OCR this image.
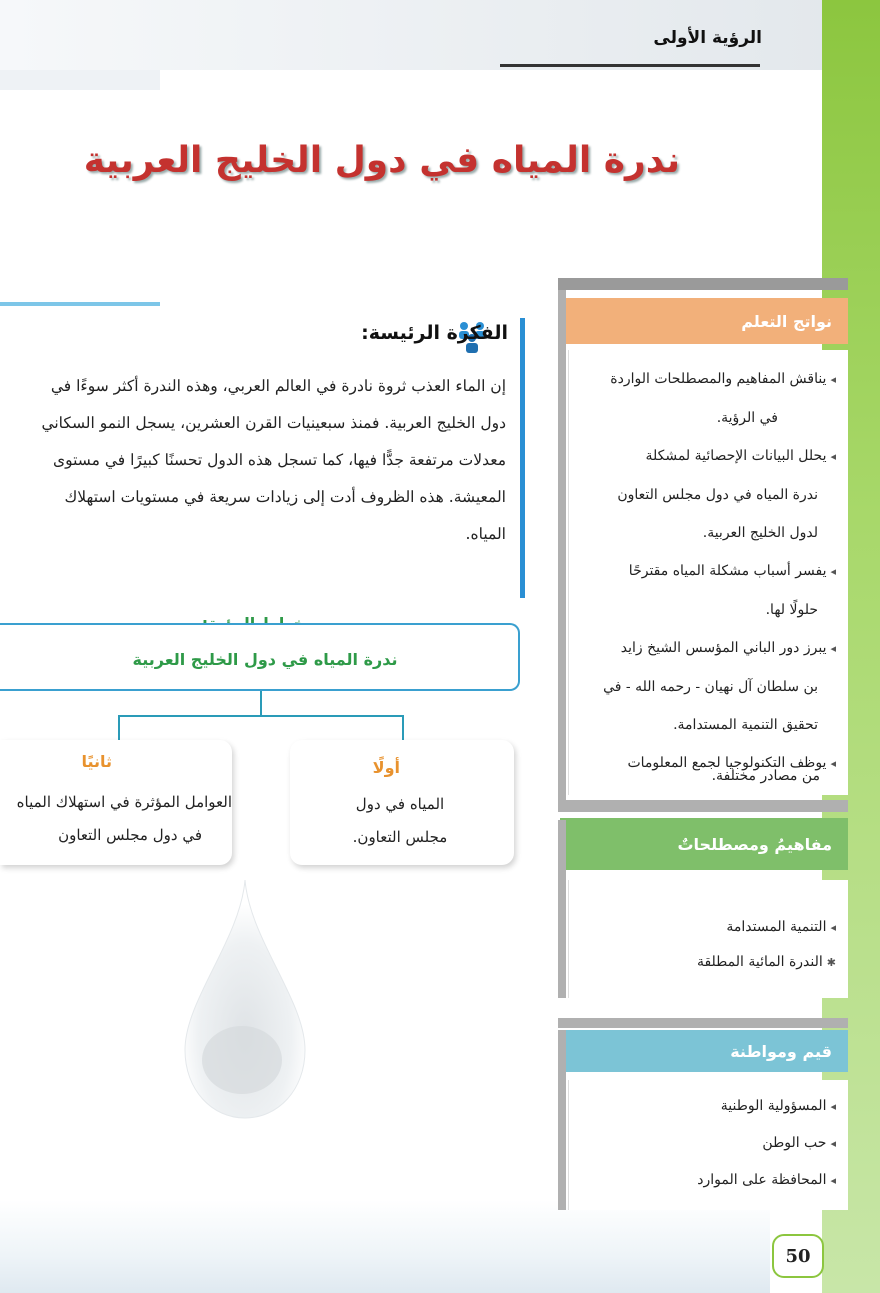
الرؤية الأولى
ندرة المياه في دول الخليج العربية
الفكرة الرئيسة:
إن الماء العذب ثروة نادرة في العالم العربي، وهذه الندرة أكثر سوءًا في
دول الخليج العربية. فمنذ سبعينيات القرن العشرين، يسجل النمو السكاني
معدلات مرتفعة جدًّا فيها، كما تسجل هذه الدول تحسنًا كبيرًا في مستوى
المعيشة. هذه الظروف أدت إلى زيادات سريعة في مستويات استهلاك
المياه.
ندرة المياه في دول الخليج العربية
أولًا
المياه في دول
مجلس التعاون.
ثانيًا
العوامل المؤثرة في استهلاك المياه
في دول مجلس التعاون
نواتج التعلم
◂يناقش المفاهيم والمصطلحات الواردة
في الرؤية.
◂يحلل البيانات الإحصائية لمشكلة
ندرة المياه في دول مجلس التعاون
لدول الخليج العربية.
◂يفسر أسباب مشكلة المياه مقترحًا
حلولًا لها.
◂يبرز دور الباني المؤسس الشيخ زايد
بن سلطان آل نهيان - رحمه الله - في
تحقيق التنمية المستدامة.
◂يوظف التكنولوجيا لجمع المعلومات
من مصادر مختلفة.
مفاهيمُ ومصطلحاتٌ
◂التنمية المستدامة
✱الندرة المائية المطلقة
قيم ومواطنة
◂المسؤولية الوطنية
◂حب الوطن
◂المحافظة على الموارد
50
